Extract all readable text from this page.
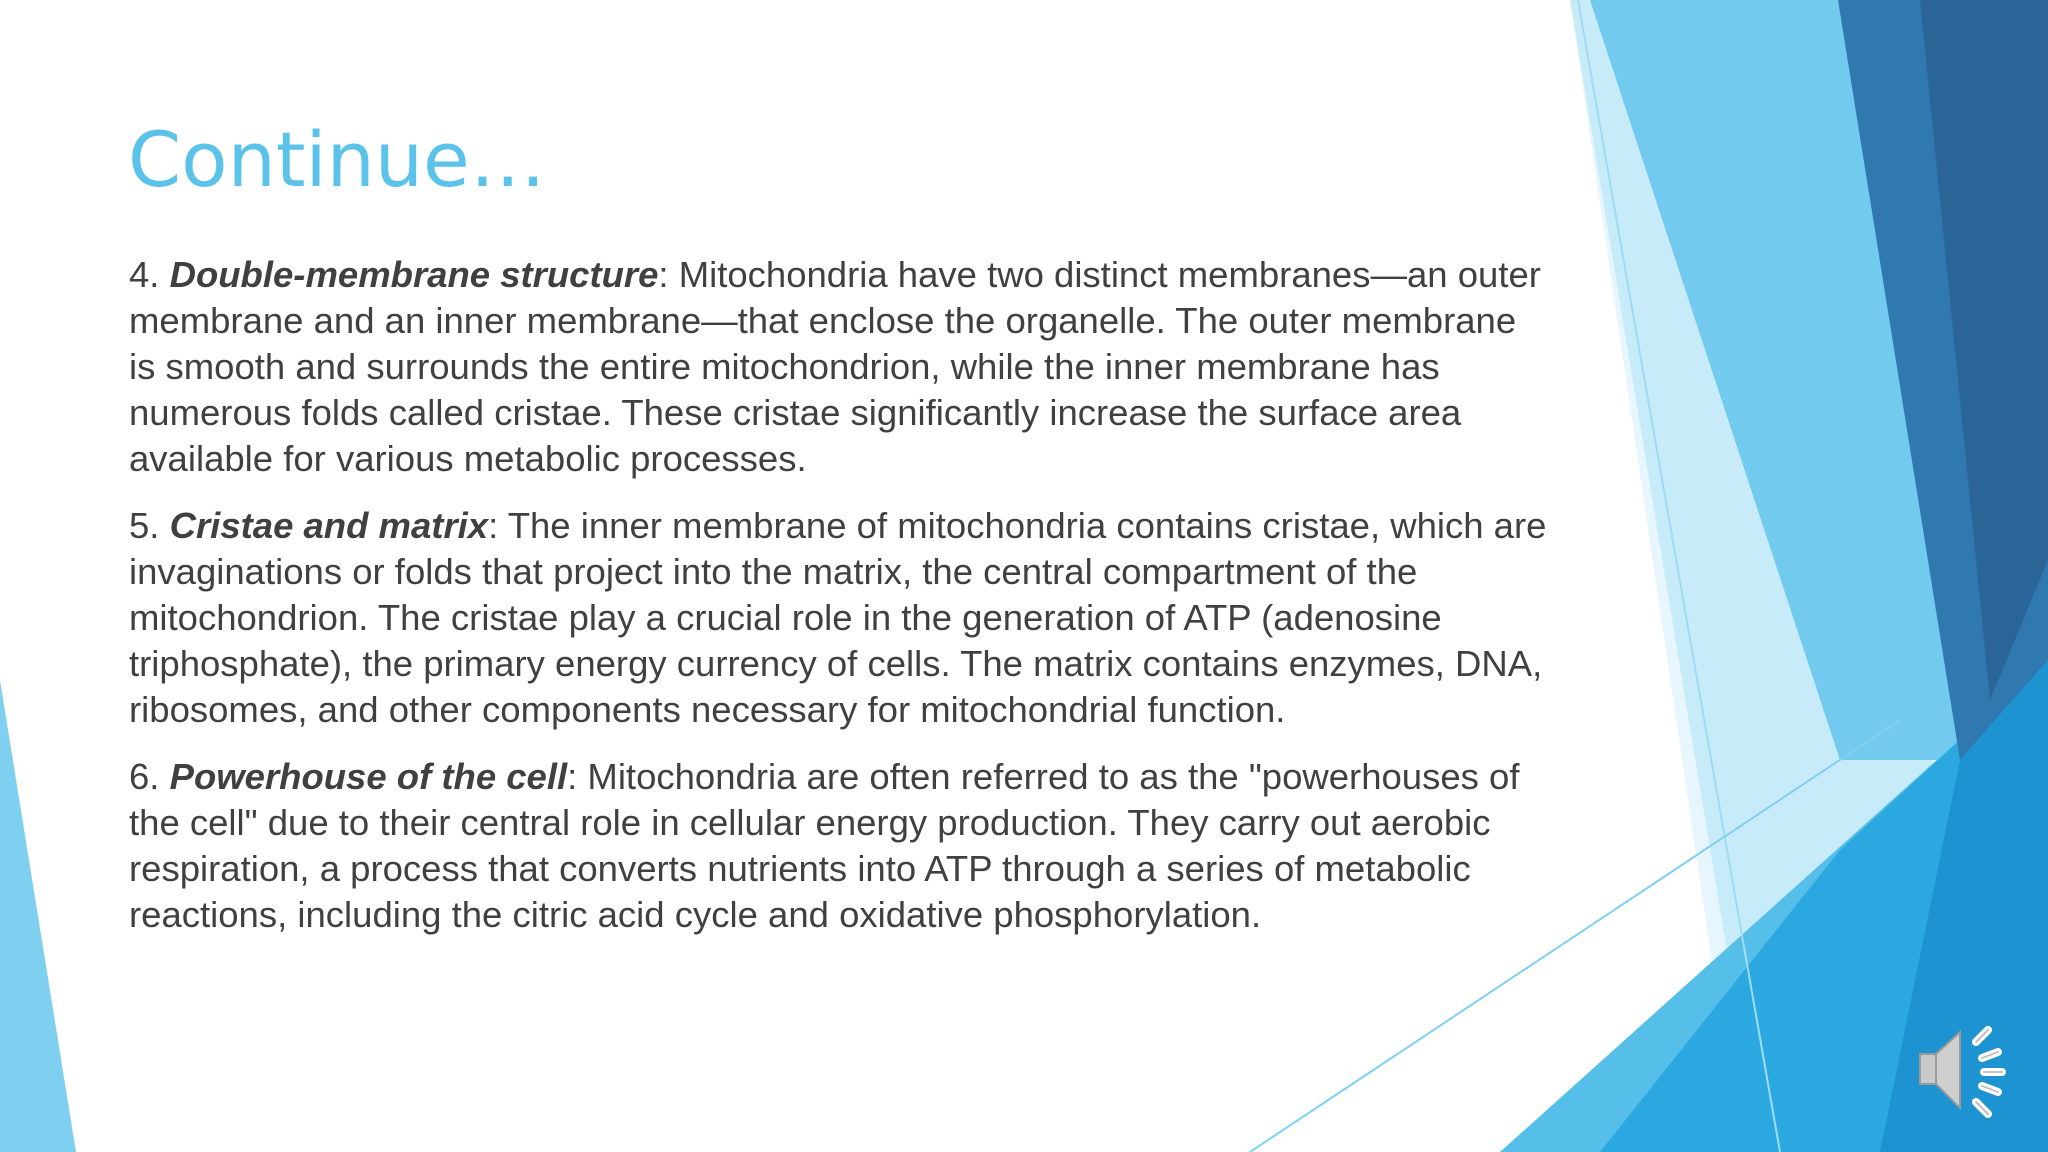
Continue…

4. Double-membrane structure: Mitochondria have two distinct membranes—an outer membrane and an inner membrane—that enclose the organelle. The outer membrane is smooth and surrounds the entire mitochondrion, while the inner membrane has numerous folds called cristae. These cristae significantly increase the surface area available for various metabolic processes.

5. Cristae and matrix: The inner membrane of mitochondria contains cristae, which are invaginations or folds that project into the matrix, the central compartment of the mitochondrion. The cristae play a crucial role in the generation of ATP (adenosine triphosphate), the primary energy currency of cells. The matrix contains enzymes, DNA, ribosomes, and other components necessary for mitochondrial function.

6. Powerhouse of the cell: Mitochondria are often referred to as the "powerhouses of the cell" due to their central role in cellular energy production. They carry out aerobic respiration, a process that converts nutrients into ATP through a series of metabolic reactions, including the citric acid cycle and oxidative phosphorylation.
